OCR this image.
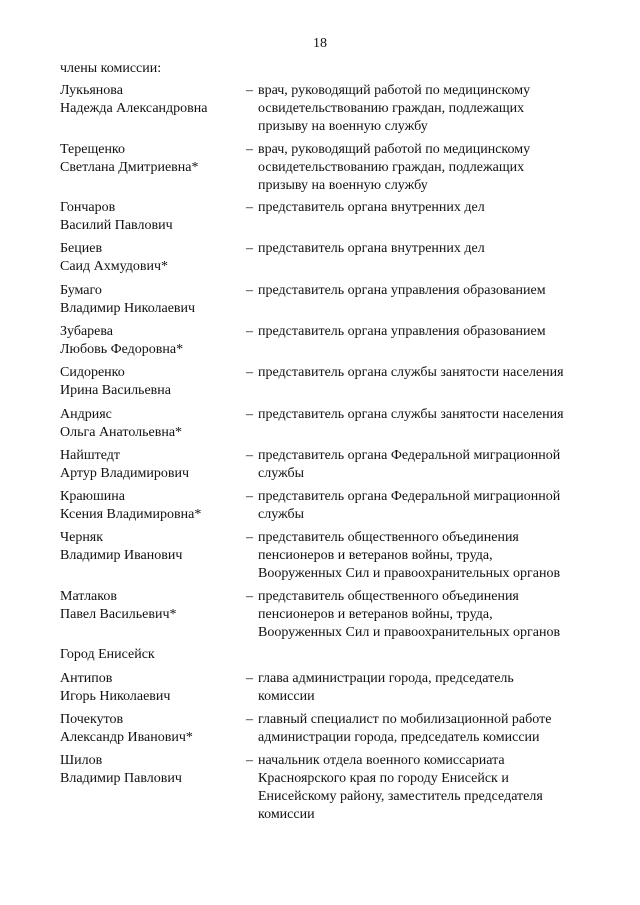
18
члены комиссии:
Лукьянова
Надежда Александровна
– врач, руководящий работой по медицинскому
освидетельствованию граждан, подлежащих
призыву на военную службу
Терещенко
Светлана Дмитриевна*
– врач, руководящий работой по медицинскому
освидетельствованию граждан, подлежащих
призыву на военную службу
Гончаров
Василий Павлович
– представитель органа внутренних дел
Бециев
Саид Ахмудович*
– представитель органа внутренних дел
Бумаго
Владимир Николаевич
– представитель органа управления образованием
Зубарева
Любовь Федоровна*
– представитель органа управления образованием
Сидоренко
Ирина Васильевна
– представитель органа службы занятости населения
Андрияс
Ольга Анатольевна*
– представитель органа службы занятости населения
Найштедт
Артур Владимирович
– представитель органа Федеральной миграционной
службы
Краюшина
Ксения Владимировна*
– представитель органа Федеральной миграционной
службы
Черняк
Владимир Иванович
– представитель общественного объединения
пенсионеров и ветеранов войны, труда,
Вооруженных Сил и правоохранительных органов
Матлаков
Павел Васильевич*
– представитель общественного объединения
пенсионеров и ветеранов войны, труда,
Вооруженных Сил и правоохранительных органов
Город Енисейск
Антипов
Игорь Николаевич
– глава администрации города, председатель
комиссии
Почекутов
Александр Иванович*
– главный специалист по мобилизационной работе
администрации города, председатель комиссии
Шилов
Владимир Павлович
– начальник отдела военного комиссариата
Красноярского края по городу Енисейск и
Енисейскому району, заместитель председателя
комиссии
